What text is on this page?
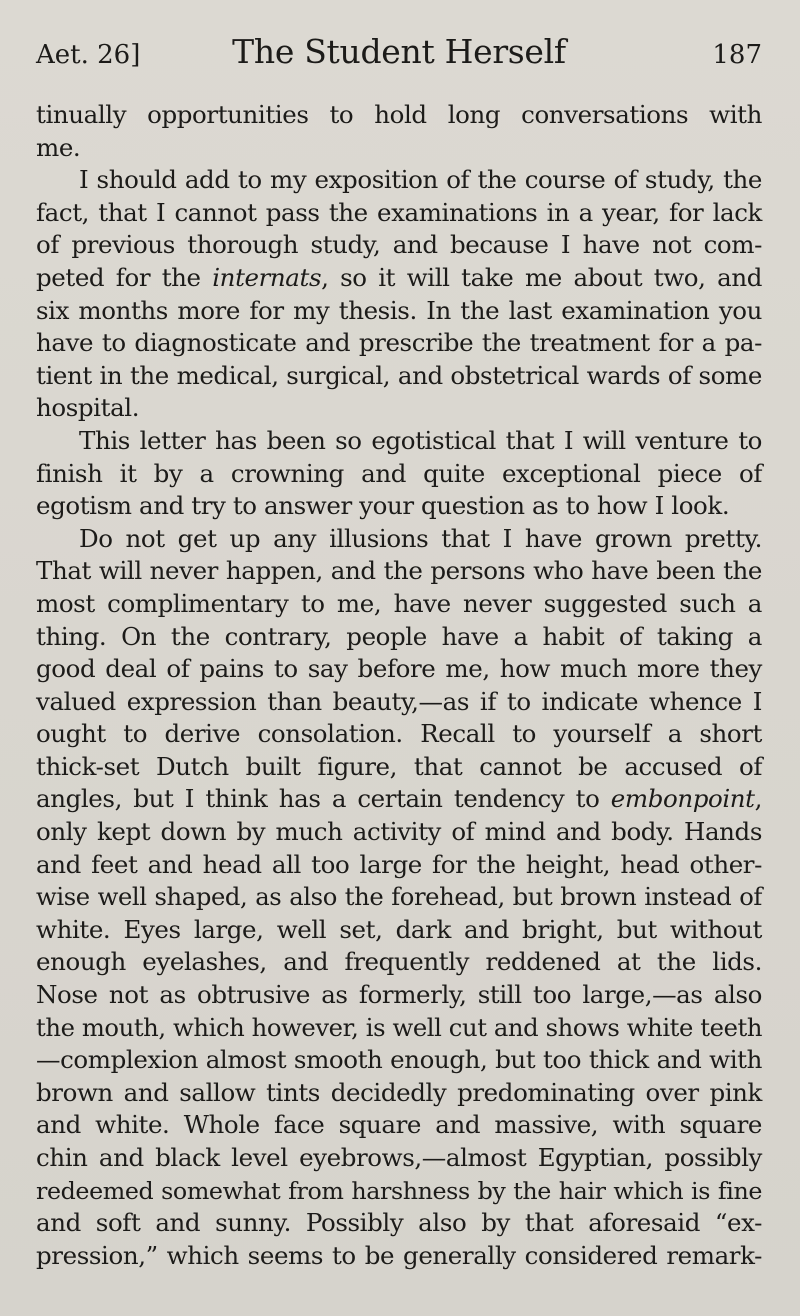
Aet. 26]	The Student Herself	187
tinually opportunities to hold long conversations with
me.
I should add to my exposition of the course of study, the
fact, that I cannot pass the examinations in a year, for lack
of previous thorough study, and because I have not com-
peted for the internats, so it will take me about two, and
six months more for my thesis. In the last examination you
have to diagnosticate and prescribe the treatment for a pa-
tient in the medical, surgical, and obstetrical wards of some
hospital.
This letter has been so egotistical that I will venture to
finish it by a crowning and quite exceptional piece of
egotism and try to answer your question as to how I look.
Do not get up any illusions that I have grown pretty.
That will never happen, and the persons who have been the
most complimentary to me, have never suggested such a
thing. On the contrary, people have a habit of taking a
good deal of pains to say before me, how much more they
valued expression than beauty,—as if to indicate whence I
ought to derive consolation. Recall to yourself a short
thick-set Dutch built figure, that cannot be accused of
angles, but I think has a certain tendency to embonpoint,
only kept down by much activity of mind and body. Hands
and feet and head all too large for the height, head other-
wise well shaped, as also the forehead, but brown instead of
white. Eyes large, well set, dark and bright, but without
enough eyelashes, and frequently reddened at the lids.
Nose not as obtrusive as formerly, still too large,—as also
the mouth, which however, is well cut and shows white teeth
—complexion almost smooth enough, but too thick and with
brown and sallow tints decidedly predominating over pink
and white. Whole face square and massive, with square
chin and black level eyebrows,—almost Egyptian, possibly
redeemed somewhat from harshness by the hair which is fine
and soft and sunny. Possibly also by that aforesaid “ex-
pression,” which seems to be generally considered remark-
